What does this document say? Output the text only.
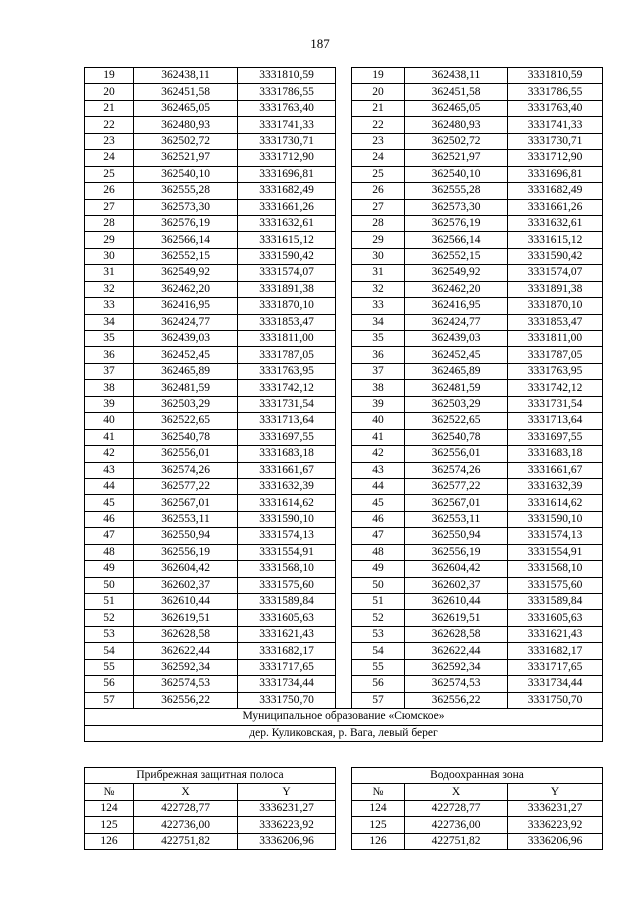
187
19	362438,11	3331810,59		19	362438,11	3331810,59
20	362451,58	3331786,55		20	362451,58	3331786,55
21	362465,05	3331763,40		21	362465,05	3331763,40
22	362480,93	3331741,33		22	362480,93	3331741,33
23	362502,72	3331730,71		23	362502,72	3331730,71
24	362521,97	3331712,90		24	362521,97	3331712,90
25	362540,10	3331696,81		25	362540,10	3331696,81
26	362555,28	3331682,49		26	362555,28	3331682,49
27	362573,30	3331661,26		27	362573,30	3331661,26
28	362576,19	3331632,61		28	362576,19	3331632,61
29	362566,14	3331615,12		29	362566,14	3331615,12
30	362552,15	3331590,42		30	362552,15	3331590,42
31	362549,92	3331574,07		31	362549,92	3331574,07
32	362462,20	3331891,38		32	362462,20	3331891,38
33	362416,95	3331870,10		33	362416,95	3331870,10
34	362424,77	3331853,47		34	362424,77	3331853,47
35	362439,03	3331811,00		35	362439,03	3331811,00
36	362452,45	3331787,05		36	362452,45	3331787,05
37	362465,89	3331763,95		37	362465,89	3331763,95
38	362481,59	3331742,12		38	362481,59	3331742,12
39	362503,29	3331731,54		39	362503,29	3331731,54
40	362522,65	3331713,64		40	362522,65	3331713,64
41	362540,78	3331697,55		41	362540,78	3331697,55
42	362556,01	3331683,18		42	362556,01	3331683,18
43	362574,26	3331661,67		43	362574,26	3331661,67
44	362577,22	3331632,39		44	362577,22	3331632,39
45	362567,01	3331614,62		45	362567,01	3331614,62
46	362553,11	3331590,10		46	362553,11	3331590,10
47	362550,94	3331574,13		47	362550,94	3331574,13
48	362556,19	3331554,91		48	362556,19	3331554,91
49	362604,42	3331568,10		49	362604,42	3331568,10
50	362602,37	3331575,60		50	362602,37	3331575,60
51	362610,44	3331589,84		51	362610,44	3331589,84
52	362619,51	3331605,63		52	362619,51	3331605,63
53	362628,58	3331621,43		53	362628,58	3331621,43
54	362622,44	3331682,17		54	362622,44	3331682,17
55	362592,34	3331717,65		55	362592,34	3331717,65
56	362574,53	3331734,44		56	362574,53	3331734,44
57	362556,22	3331750,70		57	362556,22	3331750,70
Муниципальное образование «Сюмское»						
дер. Куликовская, р. Вага, левый берег						
Прибрежная защитная полоса				Водоохранная зона		
№	X	Y		№	X	Y
124	422728,77	3336231,27		124	422728,77	3336231,27
125	422736,00	3336223,92		125	422736,00	3336223,92
126	422751,82	3336206,96		126	422751,82	3336206,96
